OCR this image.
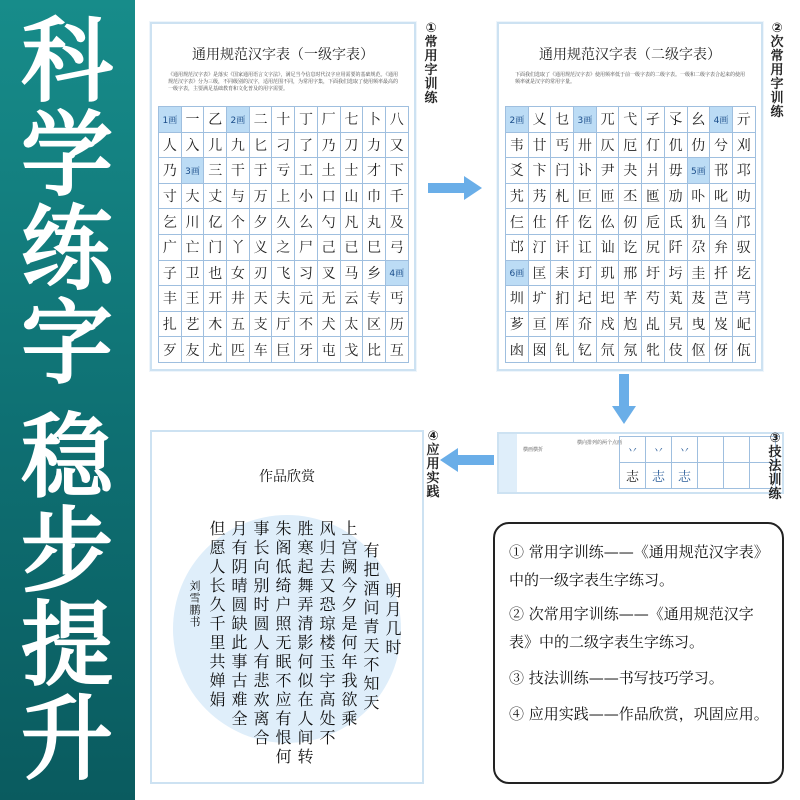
科
学
练
字
稳
步
提
升
通用规范汉字表（一级字表）
《通用规范汉字表》是落实《国家通用语言文字法》，满足当今信息时代汉字应用需要的基础规范。《通用规范汉字表》分为三级，不同级别的汉字，适用范围不同，为常用字集，下面我们选取了使用频率最高的一级字表，主要满足基础教育和文化普及的用字需要。
1画 一 乙 2画 二 十 丁 厂 七 卜 八
人 入 儿 九 匕 刁 了 乃 刀 力 又
乃 3画 三 干 于 亏 工 土 士 才 下
寸 大 丈 与 万 上 小 口 山 巾 千
乞 川 亿 个 夕 久 么 勺 凡 丸 及
广 亡 门 丫 义 之 尸 己 已 巳 弓
子 卫 也 女 刃 飞 习 叉 马 乡 4画
丰 王 开 井 天 夫 元 无 云 专 丐
扎 艺 木 五 支 厅 不 犬 太 区 历
歹 友 尤 匹 车 巨 牙 屯 戈 比 互
①常用字训练
通用规范汉字表（二级字表）
下面我们选取了《通用规范汉字表》使用频率低于前一级字表的二级字表。一级和二级字表合起来的使用频率就是汉字的常用字量。
2画 乂 乜 3画 兀 弋 孑 孓 幺 4画 亓
韦 廿 丐 卅 仄 厄 仃 仉 仂 兮 刈
爻 卞 闩 讣 尹 夬 爿 毋 5画 邗 邛
艽 艿 札 叵 匝 丕 匜 劢 卟 叱 叻
仨 仕 仟 仡 仫 仞 卮 氐 犰 刍 邝
邙 汀 讦 讧 讪 讫 尻 阡 尕 弁 驭
6画 匡 耒 玎 玑 邢 圩 圬 圭 扦 圪
圳 圹 扪 圮 圯 芊 芍 芄 芨 芑 芎
芗 亘 厍 夼 戍 尥 乩 旯 曳 岌 屺
凼 囡 钆 钇 氘 氖 牝 伎 伛 伢 佤
②次常用字训练
横画横折
横向排列的两个点画
丷	丷	丷
志 志 志
③技法训练
作品欣赏
明月几时
有把酒问青天不知天
上宫阙今夕是何年我欲乘
风归去又恐琼楼玉宇高处不
胜寒起舞弄清影何似在人间转
朱阁低绮户照无眠不应有恨何
事长向别时圆人有悲欢离合
月有阴晴圆缺此事古难全
但愿人长久千里共婵娟
刘雪鹏书
④应用实践
① 常用字训练——《通用规范汉字表》中的一级字表生字练习。
② 次常用字训练——《通用规范汉字表》中的二级字表生字练习。
③ 技法训练——书写技巧学习。
④ 应用实践——作品欣赏，巩固应用。
